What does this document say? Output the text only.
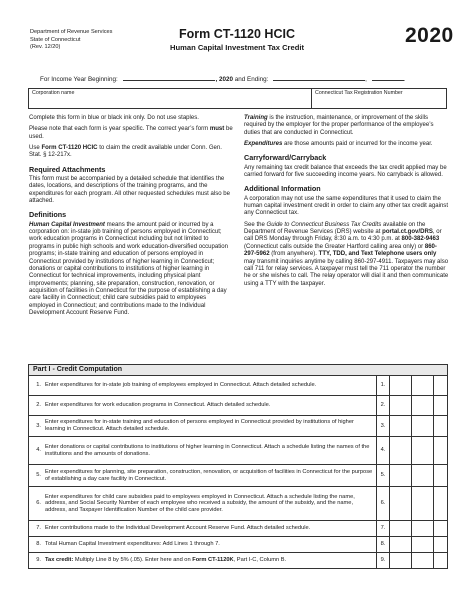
Department of Revenue Services
State of Connecticut
(Rev. 12/20)
Form CT-1120 HCIC
Human Capital Investment Tax Credit
2020
For Income Year Beginning:	, 2020 and Ending:	,	.
Corporation name	Connecticut Tax Registration Number

Complete this form in blue or black ink only. Do not use staples.

Please note that each form is year specific. The correct year’s form must be used.

Use Form CT-1120 HCIC to claim the credit available under Conn. Gen. Stat. § 12-217x.

Required Attachments

This form must be accompanied by a detailed schedule that identifies the dates, locations, and descriptions of the training programs, and the expenditures for each program. All other requested schedules must also be attached.

Definitions

Human Capital Investment means the amount paid or incurred by a corporation on: in-state job training of persons employed in Connecticut; work education programs in Connecticut including but not limited to programs in public high schools and work education-diversified occupation programs; in-state training and education of persons employed in Connecticut provided by institutions of higher learning in Connecticut; donations or capital contributions to institutions of higher learning in Connecticut for technical improvements, including physical plant improvements; planning, site preparation, construction, renovation, or acquisition of facilities in Connecticut for the purpose of establishing a day care facility in Connecticut; child care subsidies paid to employees employed in Connecticut; and contributions made to the Individual Development Account Reserve Fund.

Training is the instruction, maintenance, or improvement of the skills required by the employer for the proper performance of the employee’s duties that are conducted in Connecticut.

Expenditures are those amounts paid or incurred for the income year.

Carryforward/Carryback

Any remaining tax credit balance that exceeds the tax credit applied may be carried forward for five succeeding income years. No carryback is allowed.

Additional Information

A corporation may not use the same expenditures that it used to claim the human capital investment credit in order to claim any other tax credit against any Connecticut tax.

See the Guide to Connecticut Business Tax Credits available on the Department of Revenue Services (DRS) website at portal.ct.gov/DRS, or call DRS Monday through Friday, 8:30 a.m. to 4:30 p.m. at 800-382-9463 (Connecticut calls outside the Greater Hartford calling area only) or 860-297-5962 (from anywhere). TTY, TDD, and Text Telephone users only may transmit inquiries anytime by calling 860-297-4911. Taxpayers may also call 711 for relay services. A taxpayer must tell the 711 operator the number he or she wishes to call. The relay operator will dial it and then communicate using a TTY with the taxpayer.

Part I - Credit Computation
1. Enter expenditures for in-state job training of employees employed in Connecticut. Attach detailed schedule.	1.
2. Enter expenditures for work education programs in Connecticut. Attach detailed schedule.	2.
3.
Enter expenditures for in-state training and education of persons employed in Connecticut provided by institutions of higher learning in Connecticut. Attach detailed schedule.
3.
4.
Enter donations or capital contributions to institutions of higher learning in Connecticut. Attach a schedule listing the names of the institutions and the amounts of donations.
4.
5.
Enter expenditures for planning, site preparation, construction, renovation, or acquisition of facilities in Connecticut for the purpose of establishing a day care facility in Connecticut.
5.
6.
Enter expenditures for child care subsidies paid to employees employed in Connecticut. Attach a schedule listing the name, address, and Social Security Number of each employee who received a subsidy, the amount of the subsidy, and the name, address, and Taxpayer Identification Number of the child care provider.
6.
7. Enter contributions made to the Individual Development Account Reserve Fund. Attach detailed schedule.	7.
8. Total Human Capital Investment expenditures: Add Lines 1 through 7.	8.
9. Tax credit: Multiply Line 8 by 5% (.05). Enter here and on Form CT-1120K, Part I-C, Column B.	9.
